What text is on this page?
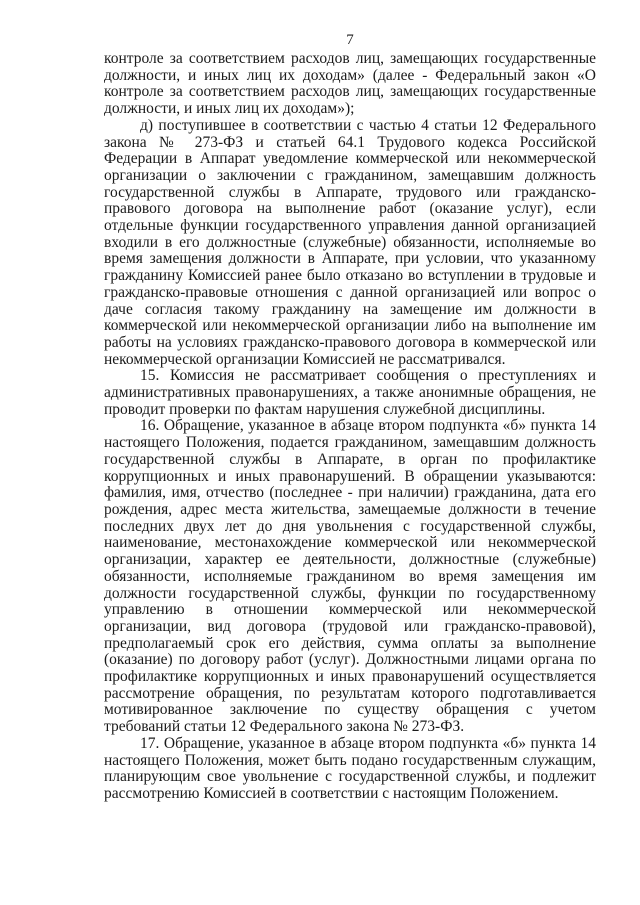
7

контроле за соответствием расходов лиц, замещающих государственные должности, и иных лиц их доходам» (далее - Федеральный закон «О контроле за соответствием расходов лиц, замещающих государственные должности, и иных лиц их доходам»);

д) поступившее в соответствии с частью 4 статьи 12 Федерального закона № 273-ФЗ и статьей 64.1 Трудового кодекса Российской Федерации в Аппарат уведомление коммерческой или некоммерческой организации о заключении с гражданином, замещавшим должность государственной службы в Аппарате, трудового или гражданско-правового договора на выполнение работ (оказание услуг), если отдельные функции государственного управления данной организацией входили в его должностные (служебные) обязанности, исполняемые во время замещения должности в Аппарате, при условии, что указанному гражданину Комиссией ранее было отказано во вступлении в трудовые и гражданско-правовые отношения с данной организацией или вопрос о даче согласия такому гражданину на замещение им должности в коммерческой или некоммерческой организации либо на выполнение им работы на условиях гражданско-правового договора в коммерческой или некоммерческой организации Комиссией не рассматривался.

15. Комиссия не рассматривает сообщения о преступлениях и административных правонарушениях, а также анонимные обращения, не проводит проверки по фактам нарушения служебной дисциплины.

16. Обращение, указанное в абзаце втором подпункта «б» пункта 14 настоящего Положения, подается гражданином, замещавшим должность государственной службы в Аппарате, в орган по профилактике коррупционных и иных правонарушений. В обращении указываются: фамилия, имя, отчество (последнее - при наличии) гражданина, дата его рождения, адрес места жительства, замещаемые должности в течение последних двух лет до дня увольнения с государственной службы, наименование, местонахождение коммерческой или некоммерческой организации, характер ее деятельности, должностные (служебные) обязанности, исполняемые гражданином во время замещения им должности государственной службы, функции по государственному управлению в отношении коммерческой или некоммерческой организации, вид договора (трудовой или гражданско-правовой), предполагаемый срок его действия, сумма оплаты за выполнение (оказание) по договору работ (услуг). Должностными лицами органа по профилактике коррупционных и иных правонарушений осуществляется рассмотрение обращения, по результатам которого подготавливается мотивированное заключение по существу обращения с учетом требований статьи 12 Федерального закона № 273-ФЗ.

17. Обращение, указанное в абзаце втором подпункта «б» пункта 14 настоящего Положения, может быть подано государственным служащим, планирующим свое увольнение с государственной службы, и подлежит рассмотрению Комиссией в соответствии с настоящим Положением.
